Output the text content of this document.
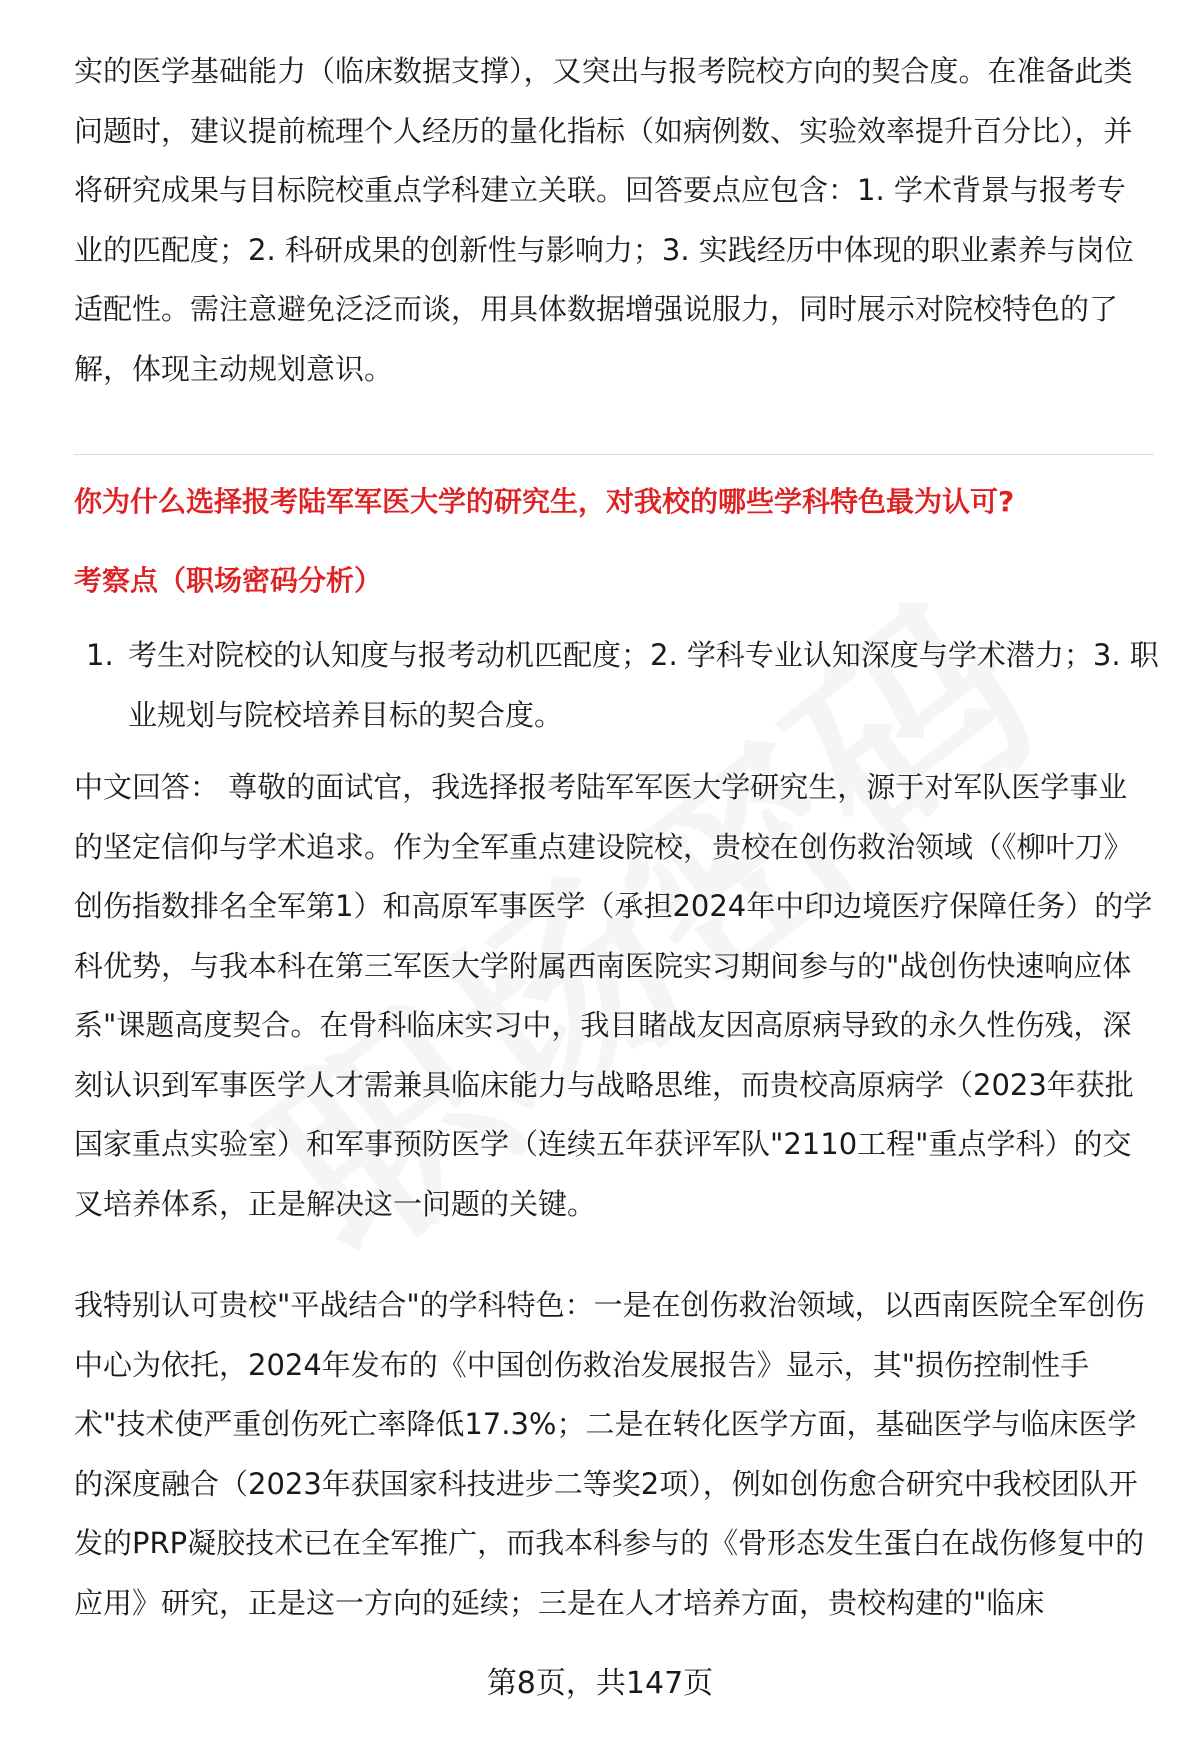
实的医学基础能力（临床数据支撑），又突出与报考院校方向的契合度。在准备此类问题时，建议提前梳理个人经历的量化指标（如病例数、实验效率提升百分比），并将研究成果与目标院校重点学科建立关联。回答要点应包含：1. 学术背景与报考专业的匹配度；2. 科研成果的创新性与影响力；3. 实践经历中体现的职业素养与岗位适配性。需注意避免泛泛而谈，用具体数据增强说服力，同时展示对院校特色的了解，体现主动规划意识。

你为什么选择报考陆军军医大学的研究生，对我校的哪些学科特色最为认可?

考察点（职场密码分析）

1. 考生对院校的认知度与报考动机匹配度；2. 学科专业认知深度与学术潜力；3. 职业规划与院校培养目标的契合度。

中文回答： 尊敬的面试官，我选择报考陆军军医大学研究生，源于对军队医学事业的坚定信仰与学术追求。作为全军重点建设院校，贵校在创伤救治领域（《柳叶刀》创伤指数排名全军第1）和高原军事医学（承担2024年中印边境医疗保障任务）的学科优势，与我本科在第三军医大学附属西南医院实习期间参与的"战创伤快速响应体系"课题高度契合。在骨科临床实习中，我目睹战友因高原病导致的永久性伤残，深刻认识到军事医学人才需兼具临床能力与战略思维，而贵校高原病学（2023年获批国家重点实验室）和军事预防医学（连续五年获评军队"2110工程"重点学科）的交叉培养体系，正是解决这一问题的关键。

我特别认可贵校"平战结合"的学科特色：一是在创伤救治领域，以西南医院全军创伤中心为依托，2024年发布的《中国创伤救治发展报告》显示，其"损伤控制性手术"技术使严重创伤死亡率降低17.3%；二是在转化医学方面，基础医学与临床医学的深度融合（2023年获国家科技进步二等奖2项），例如创伤愈合研究中我校团队开发的PRP凝胶技术已在全军推广，而我本科参与的《骨形态发生蛋白在战伤修复中的应用》研究，正是这一方向的延续；三是在人才培养方面，贵校构建的"临床

第8页，共147页
